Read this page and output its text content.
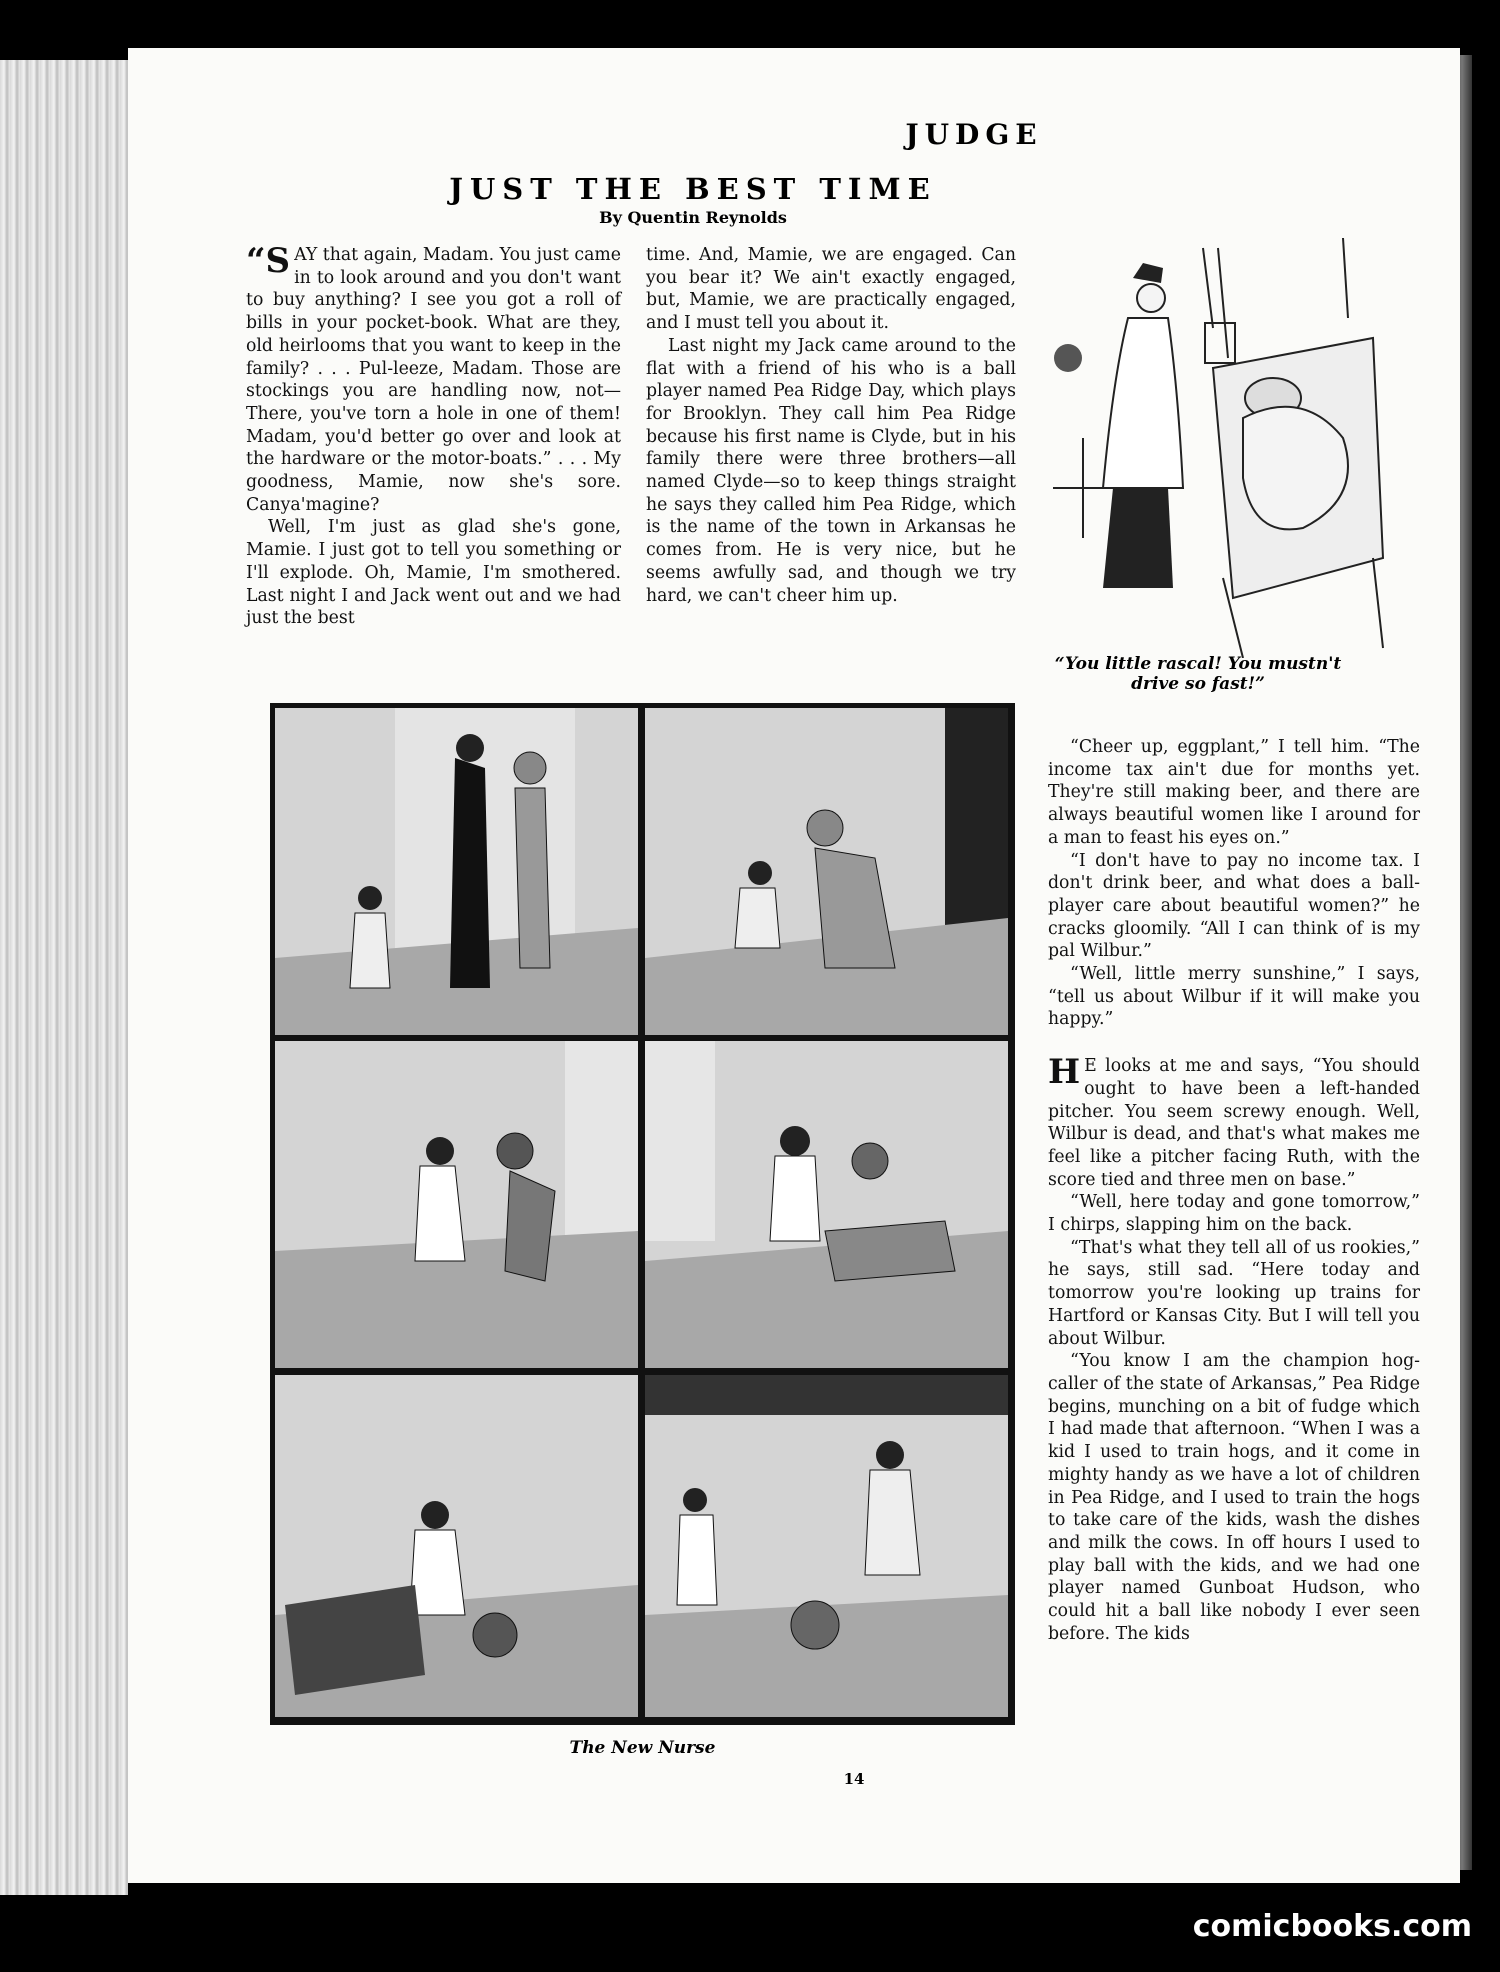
JUDGE
JUST THE BEST TIME
By Quentin Reynolds

“SAY that again, Madam. You just came in to look around and you don't want to buy anything? I see you got a roll of bills in your pocket-book. What are they, old heirlooms that you want to keep in the family? . . . Pul-leeze, Madam. Those are stockings you are handling now, not—There, you've torn a hole in one of them! Madam, you'd better go over and look at the hardware or the motor-boats.” . . . My goodness, Mamie, now she's sore. Canya'magine?

Well, I'm just as glad she's gone, Mamie. I just got to tell you something or I'll explode. Oh, Mamie, I'm smothered. Last night I and Jack went out and we had just the best

time. And, Mamie, we are engaged. Can you bear it? We ain't exactly engaged, but, Mamie, we are practically engaged, and I must tell you about it.

Last night my Jack came around to the flat with a friend of his who is a ball player named Pea Ridge Day, which plays for Brooklyn. They call him Pea Ridge because his first name is Clyde, but in his family there were three brothers—all named Clyde—so to keep things straight he says they called him Pea Ridge, which is the name of the town in Arkansas he comes from. He is very nice, but he seems awfully sad, and though we try hard, we can't cheer him up.

“You little rascal! You mustn't drive so fast!”

“Cheer up, eggplant,” I tell him. “The income tax ain't due for months yet. They're still making beer, and there are always beautiful women like I around for a man to feast his eyes on.”

“I don't have to pay no income tax. I don't drink beer, and what does a ball-player care about beautiful women?” he cracks gloomily. “All I can think of is my pal Wilbur.”

“Well, little merry sunshine,” I says, “tell us about Wilbur if it will make you happy.”

H E looks at me and says, “You should ought to have been a left-handed pitcher. You seem screwy enough. Well, Wilbur is dead, and that's what makes me feel like a pitcher facing Ruth, with the score tied and three men on base.”

“Well, here today and gone tomorrow,” I chirps, slapping him on the back.

“That's what they tell all of us rookies,” he says, still sad. “Here today and tomorrow you're looking up trains for Hartford or Kansas City. But I will tell you about Wilbur.

“You know I am the champion hog-caller of the state of Arkansas,” Pea Ridge begins, munching on a bit of fudge which I had made that afternoon. “When I was a kid I used to train hogs, and it come in mighty handy as we have a lot of children in Pea Ridge, and I used to train the hogs to take care of the kids, wash the dishes and milk the cows. In off hours I used to play ball with the kids, and we had one player named Gunboat Hudson, who could hit a ball like nobody I ever seen before. The kids

The New Nurse
14
comicbooks.com
